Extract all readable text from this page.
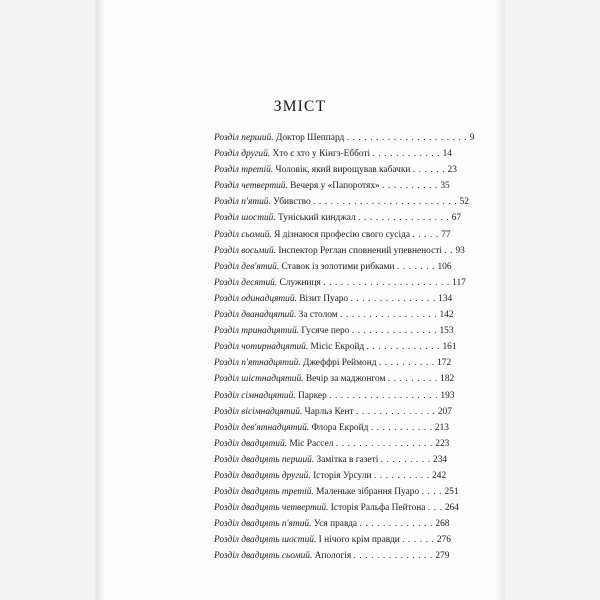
ЗМІСТ
Розділ перший. Доктор Шеппард . . . . . . . . . . . . . . . . . . . . . 9
Розділ другий. Хто є хто у Кінгз-Ебботі . . . . . . . . . . . . 14
Розділ третій. Чоловік, який вирощував кабачки . . . . . . 23
Розділ четвертий. Вечеря у «Папоротях» . . . . . . . . . . 35
Розділ п'ятий. Убивство . . . . . . . . . . . . . . . . . . . . . . . . . 52
Розділ шостий. Туніський кинджал . . . . . . . . . . . . . . . . 67
Розділ сьомий. Я дізнаюся професію свого сусіда . . . . . 77
Розділ восьмий. Інспектор Реглан сповнений упевненості . . 93
Розділ дев'ятий. Ставок із золотими рибками . . . . . . . 106
Розділ десятий. Служниця . . . . . . . . . . . . . . . . . . . . . . 117
Розділ одинадцятий. Візит Пуаро . . . . . . . . . . . . . . . 134
Розділ дванадцятий. За столом . . . . . . . . . . . . . . . . . 142
Розділ тринадцятий. Гусяче перо . . . . . . . . . . . . . . . 153
Розділ чотирнадцятий. Місіс Екройд . . . . . . . . . . . . . 161
Розділ п'ятнадцятий. Джеффрі Реймонд . . . . . . . . . . 172
Розділ шістнадцятий. Вечір за маджонгом . . . . . . . . . 182
Розділ сімнадцятий. Паркер . . . . . . . . . . . . . . . . . . . 193
Розділ вісімнадцятий. Чарльз Кент . . . . . . . . . . . . . . 207
Розділ дев'ятнадцятий. Флора Екройд . . . . . . . . . . . 213
Розділ двадцятий. Міс Рассел . . . . . . . . . . . . . . . . . 223
Розділ двадцять перший. Замітка в газеті . . . . . . . . . 234
Розділ двадцять другий. Історія Урсули . . . . . . . . . . 242
Розділ двадцять третій. Маленьке зібрання Пуаро . . . . 251
Розділ двадцять четвертий. Історія Ральфа Пейтона . . . 264
Розділ двадцять п'ятий. Уся правда . . . . . . . . . . . . . 268
Розділ двадцять шостий. І нічого крім правди . . . . . . 276
Розділ двадцять сьомий. Апологія . . . . . . . . . . . . . . 279
